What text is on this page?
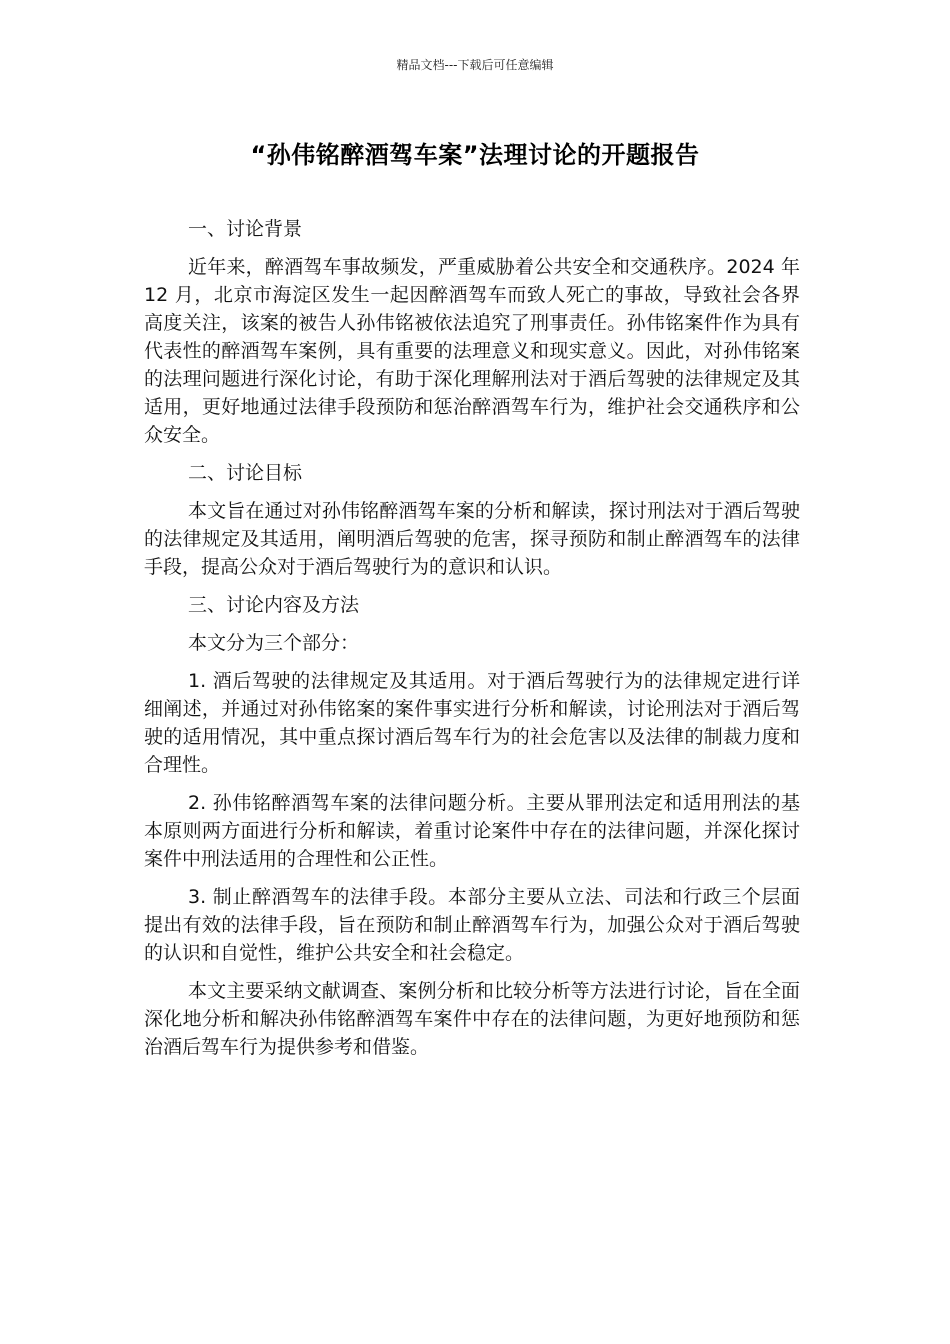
精品文档---下载后可任意编辑
“孙伟铭醉酒驾车案”法理讨论的开题报告

一、讨论背景

近年来，醉酒驾车事故频发，严重威胁着公共安全和交通秩序。2024 年 12 月，北京市海淀区发生一起因醉酒驾车而致人死亡的事故，导致社会各界高度关注，该案的被告人孙伟铭被依法追究了刑事责任。孙伟铭案件作为具有代表性的醉酒驾车案例，具有重要的法理意义和现实意义。因此，对孙伟铭案的法理问题进行深化讨论，有助于深化理解刑法对于酒后驾驶的法律规定及其适用，更好地通过法律手段预防和惩治醉酒驾车行为，维护社会交通秩序和公众安全。

二、讨论目标

本文旨在通过对孙伟铭醉酒驾车案的分析和解读，探讨刑法对于酒后驾驶的法律规定及其适用，阐明酒后驾驶的危害，探寻预防和制止醉酒驾车的法律手段，提高公众对于酒后驾驶行为的意识和认识。

三、讨论内容及方法

本文分为三个部分：

1. 酒后驾驶的法律规定及其适用。对于酒后驾驶行为的法律规定进行详细阐述，并通过对孙伟铭案的案件事实进行分析和解读，讨论刑法对于酒后驾驶的适用情况，其中重点探讨酒后驾车行为的社会危害以及法律的制裁力度和合理性。

2. 孙伟铭醉酒驾车案的法律问题分析。主要从罪刑法定和适用刑法的基本原则两方面进行分析和解读，着重讨论案件中存在的法律问题，并深化探讨案件中刑法适用的合理性和公正性。

3. 制止醉酒驾车的法律手段。本部分主要从立法、司法和行政三个层面提出有效的法律手段，旨在预防和制止醉酒驾车行为，加强公众对于酒后驾驶的认识和自觉性，维护公共安全和社会稳定。

本文主要采纳文献调查、案例分析和比较分析等方法进行讨论，旨在全面深化地分析和解决孙伟铭醉酒驾车案件中存在的法律问题，为更好地预防和惩治酒后驾车行为提供参考和借鉴。
